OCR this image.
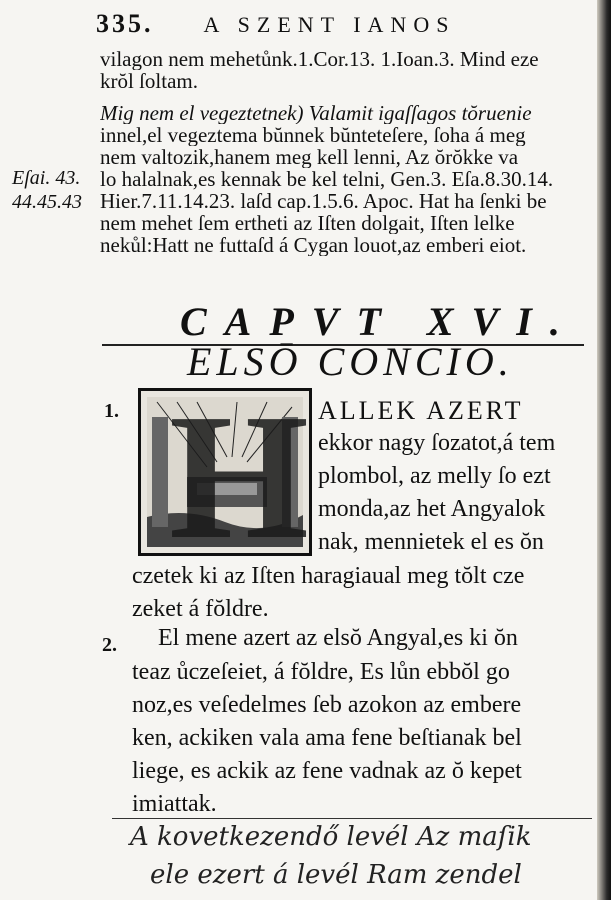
335. A SZENT IANOS
vilagon nem mehetůnk.1.Cor.13. 1.Ioan.3. Mind eze
krŏl ſoltam.
Mig nem el vegeztetnek) Valamit igaſſagos tŏruenie
innel,el vegeztema bŭnnek bŭnteteſere, ſoha á meg
nem valtozik,hanem meg kell lenni, Az ŏrŏkke va
lo halalnak,es kennak be kel telni, Gen.3. Eſa.8.30.14.
Hier.7.11.14.23. laſd cap.1.5.6. Apoc. Hat ha ſenki be
nem mehet ſem ertheti az Iſten dolgait, Iſten lelke
nekůl:Hatt ne futtaſd á Cygan louot,az emberi eiot.
Eſai. 43.
44.45.43
CAPVT XVI.
ELSŌ CONCIO.
1. H ALLEK AZERT
ekkor nagy ſozatot,á tem
plombol, az melly ſo ezt
monda,az het Angyalok
nak, mennietek el es ŏn
czetek ki az Iſten haragiaual meg tŏlt cze
zeket á fŏldre.
2. El mene azert az elsŏ Angyal,es ki ŏn
teaz ůczeſeiet, á fŏldre, Es lůn ebbŏl go
noz,es veſedelmes ſeb azokon az embere
ken, ackiken vala ama fene beſtianak bel
liege, es ackik az fene vadnak az ŏ kepet
imiattak.
A kovetkezendő levél Az maſik
ele ezert á levél Ram zendel
